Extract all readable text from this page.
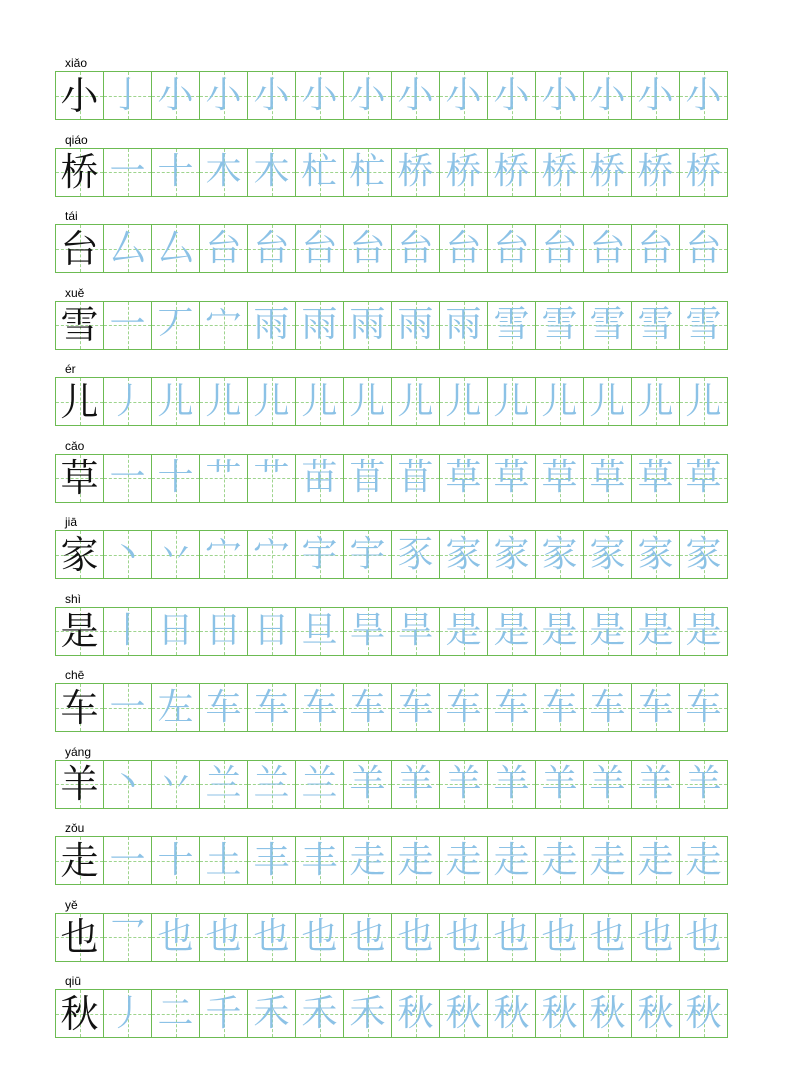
xiǎo
小 亅 小 小 小 小 小 小 小 小 小 小 小 小
qiáo
桥 一 十 木 木 杧 杧 桥 桥 桥 桥 桥 桥 桥
tái
台 厶 厶 台 台 台 台 台 台 台 台 台 台 台
xuě
雪 一 丆 宀 雨 雨 雨 雨 雨 雪 雪 雪 雪 雪
ér
儿 丿 儿 儿 儿 儿 儿 儿 儿 儿 儿 儿 儿 儿
cǎo
草 一 十 艹 艹 苗 苜 苜 草 草 草 草 草 草
jiā
家 丶 丷 宀 宀 宇 宇 豕 家 家 家 家 家 家
shì
是 丨 日 日 日 旦 旱 旱 是 是 是 是 是 是
chē
车 一 左 车 车 车 车 车 车 车 车 车 车 车
yáng
羊 丶 丷 兰 兰 兰 羊 羊 羊 羊 羊 羊 羊 羊
zǒu
走 一 十 土 丰 丰 走 走 走 走 走 走 走 走
yě
也 乛 也 也 也 也 也 也 也 也 也 也 也 也
qiū
秋 丿 二 千 禾 禾 禾 秋 秋 秋 秋 秋 秋 秋
